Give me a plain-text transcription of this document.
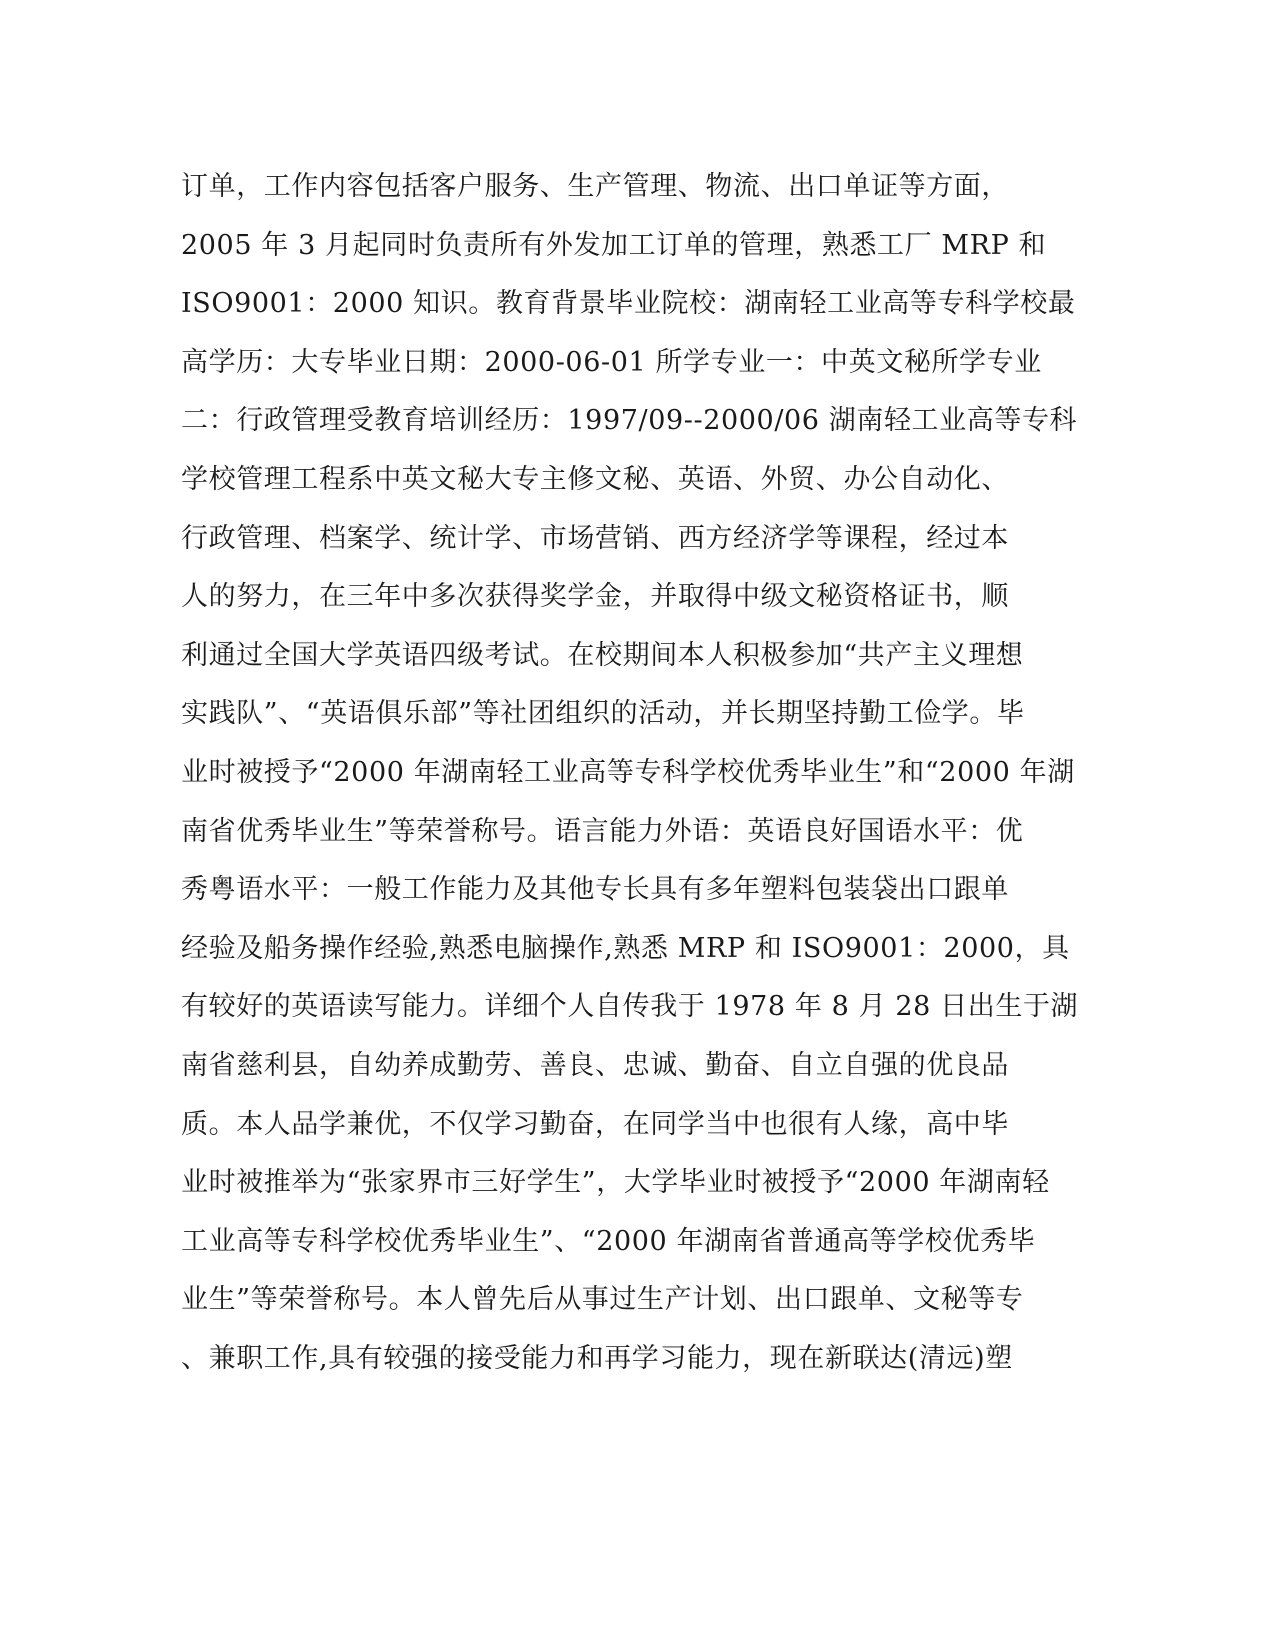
订单，工作内容包括客户服务、生产管理、物流、出口单证等方面，
2005 年 3 月起同时负责所有外发加工订单的管理，熟悉工厂 MRP 和
ISO9001：2000 知识。教育背景毕业院校：湖南轻工业高等专科学校最
高学历：大专毕业日期：2000-06-01 所学专业一：中英文秘所学专业
二：行政管理受教育培训经历：1997/09--2000/06 湖南轻工业高等专科
学校管理工程系中英文秘大专主修文秘、英语、外贸、办公自动化、
行政管理、档案学、统计学、市场营销、西方经济学等课程，经过本
人的努力，在三年中多次获得奖学金，并取得中级文秘资格证书，顺
利通过全国大学英语四级考试。在校期间本人积极参加“共产主义理想
实践队”、“英语俱乐部”等社团组织的活动，并长期坚持勤工俭学。毕
业时被授予“2000 年湖南轻工业高等专科学校优秀毕业生”和“2000 年湖
南省优秀毕业生”等荣誉称号。语言能力外语：英语良好国语水平：优
秀粤语水平：一般工作能力及其他专长具有多年塑料包装袋出口跟单
经验及船务操作经验,熟悉电脑操作,熟悉 MRP 和 ISO9001：2000，具
有较好的英语读写能力。详细个人自传我于 1978 年 8 月 28 日出生于湖
南省慈利县，自幼养成勤劳、善良、忠诚、勤奋、自立自强的优良品
质。本人品学兼优，不仅学习勤奋，在同学当中也很有人缘，高中毕
业时被推举为“张家界市三好学生”，大学毕业时被授予“2000 年湖南轻
工业高等专科学校优秀毕业生”、“2000 年湖南省普通高等学校优秀毕
业生”等荣誉称号。本人曾先后从事过生产计划、出口跟单、文秘等专
、兼职工作,具有较强的接受能力和再学习能力，现在新联达(清远)塑
